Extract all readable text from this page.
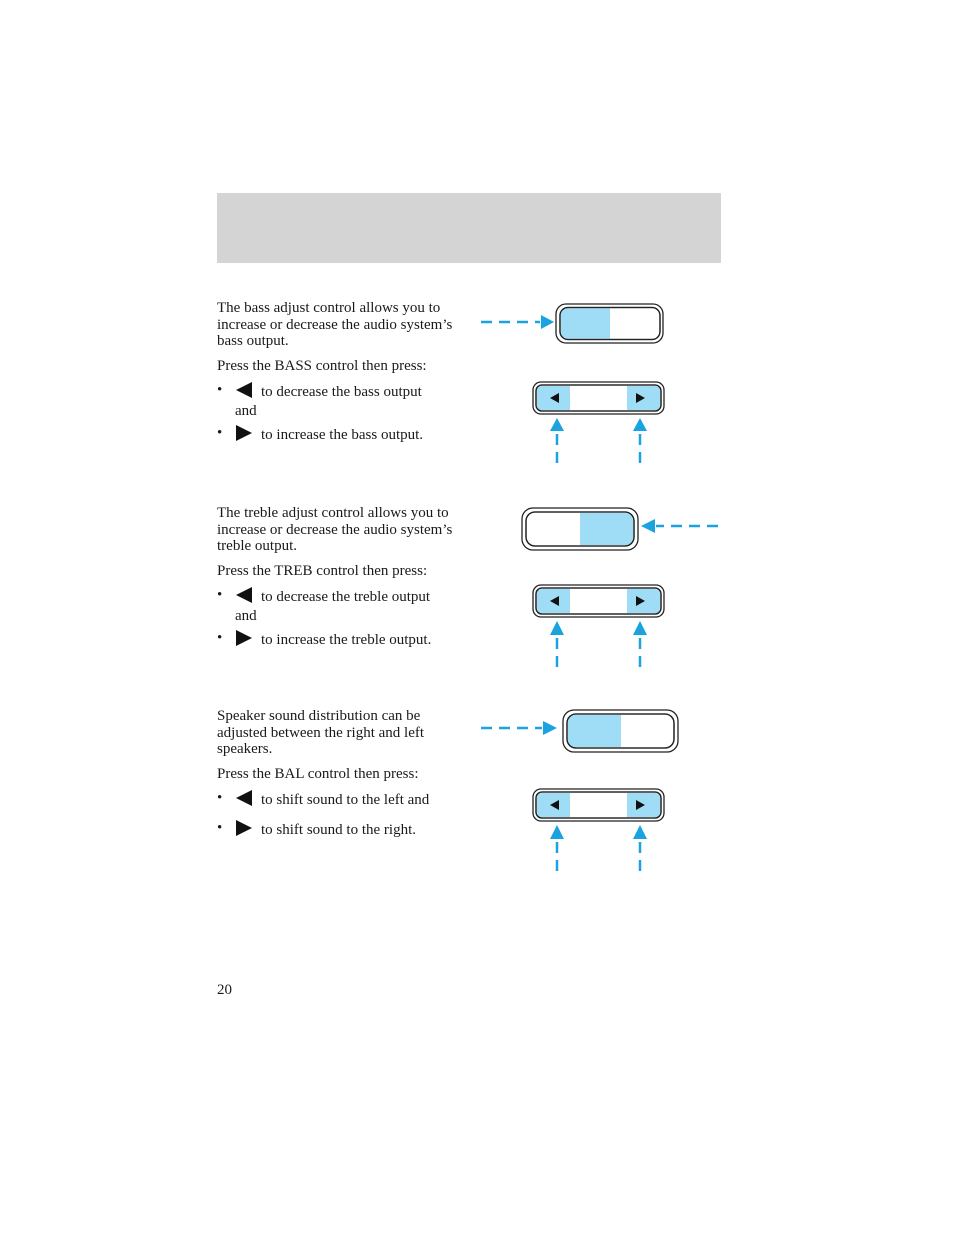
The bass adjust control allows you to increase or decrease the audio system’s bass output.

Press the BASS control then press:

•	to decrease the bass output
and
•	to increase the bass output.

The treble adjust control allows you to increase or decrease the audio system’s treble output.

Press the TREB control then press:

•	to decrease the treble output
and
•	to increase the treble output.

Speaker sound distribution can be adjusted between the right and left speakers.

Press the BAL control then press:

•	to shift sound to the left and
•	to shift sound to the right.
20
